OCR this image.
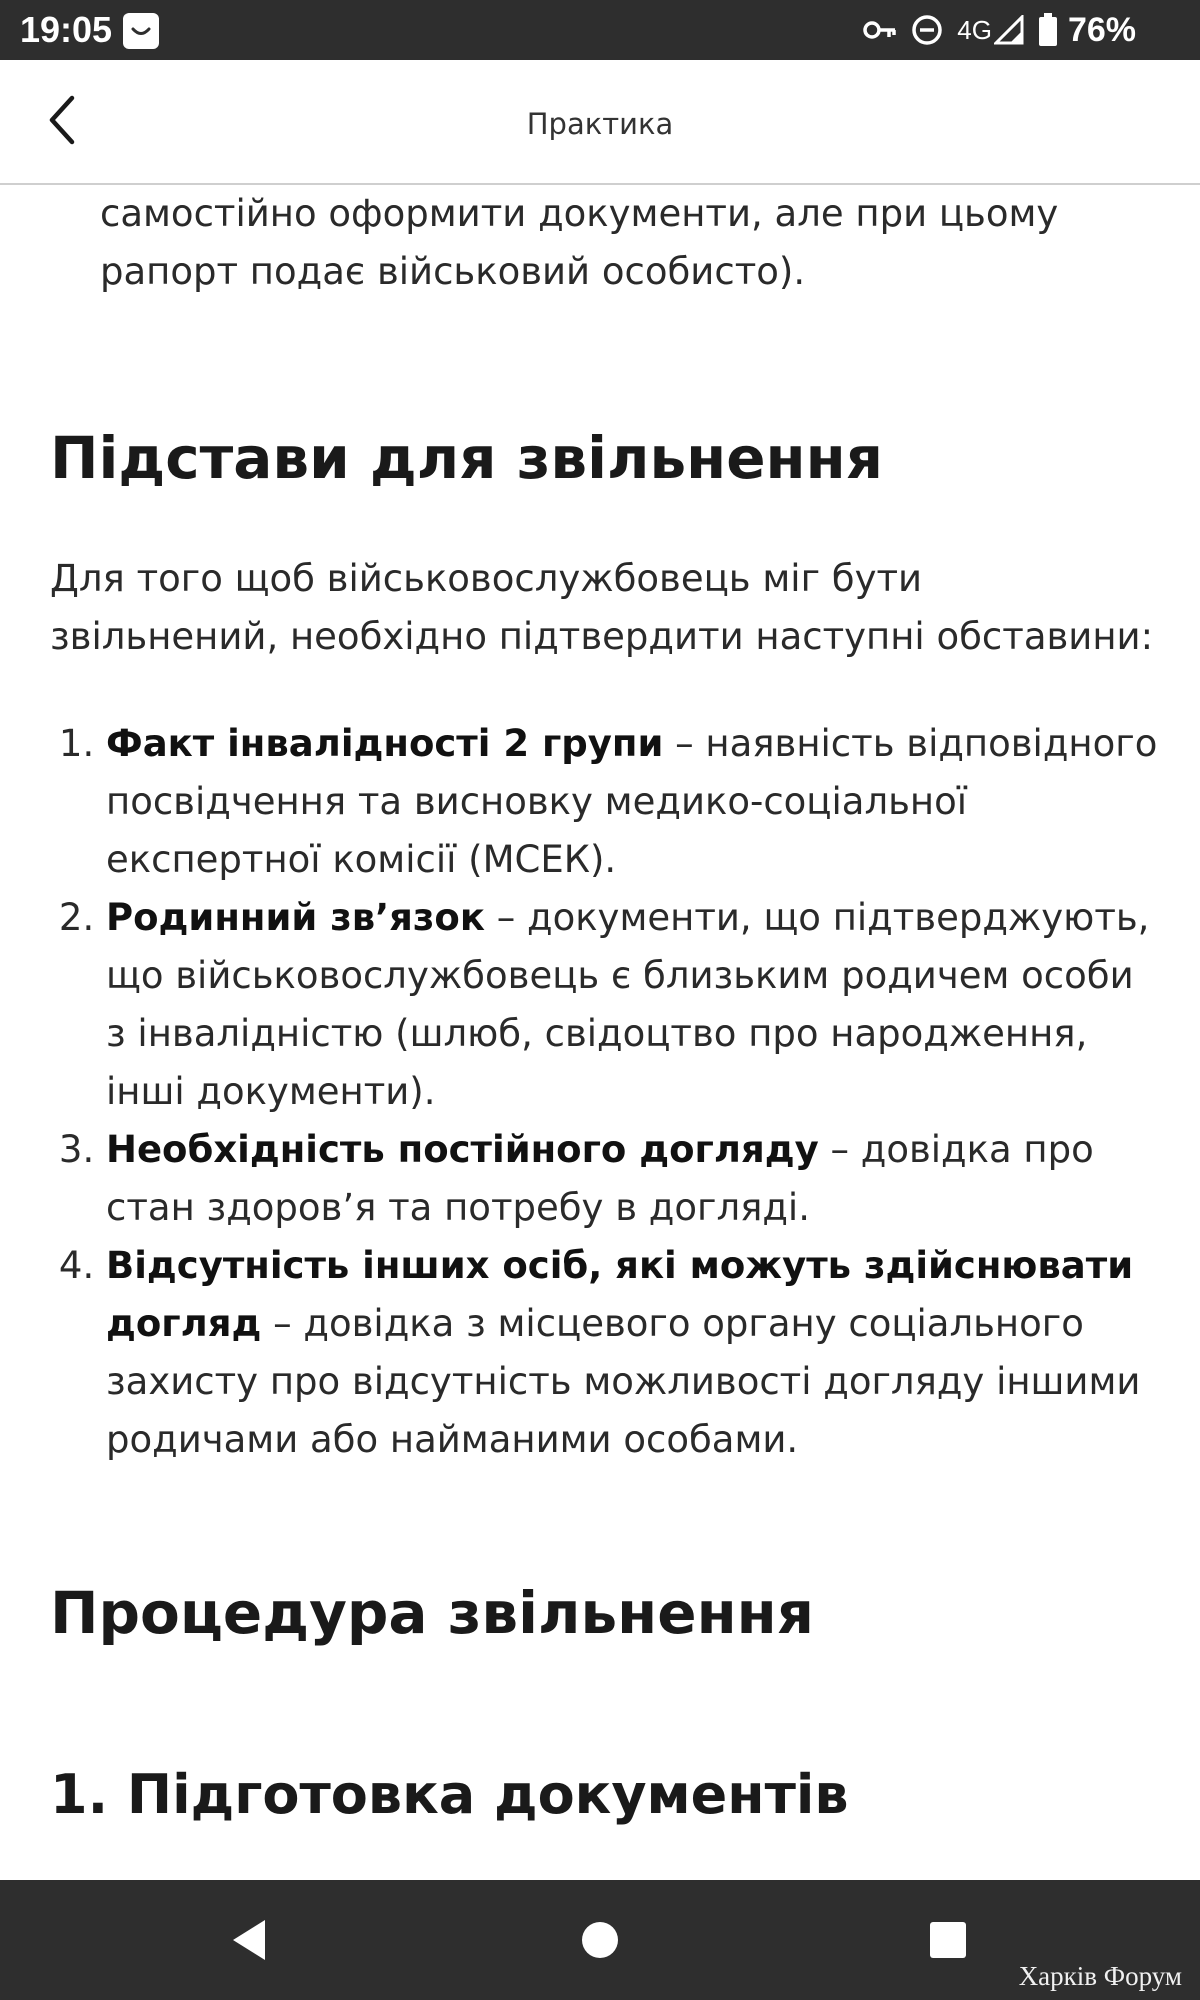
19:05	4G 76%
Практика

самостійно оформити документи, але при цьому
рапорт подає військовий особисто).

Підстави для звільнення

Для того щоб військовослужбовець міг бути звільнений, необхідно підтвердити наступні обставини:

1. Факт інвалідності 2 групи – наявність відповідного посвідчення та висновку медико-соціальної експертної комісії (МСЕК).
2. Родинний зв’язок – документи, що підтверджують, що військовослужбовець є близьким родичем особи з інвалідністю (шлюб, свідоцтво про народження, інші документи).
3. Необхідність постійного догляду – довідка про стан здоров’я та потребу в догляді.
4. Відсутність інших осіб, які можуть здійснювати догляд – довідка з місцевого органу соціального захисту про відсутність можливості догляду іншими родичами або найманими особами.
Процедура звільнення
1. Підготовка документів
Харків Форум
